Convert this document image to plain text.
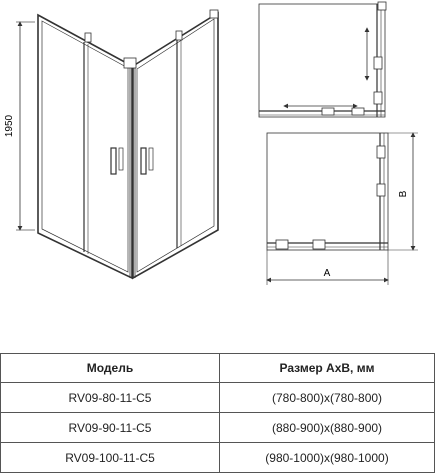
1950
A
B
Модель	Размер АхВ, мм
RV09-80-11-C5	(780-800)x(780-800)
RV09-90-11-C5	(880-900)x(880-900)
RV09-100-11-C5	(980-1000)x(980-1000)
